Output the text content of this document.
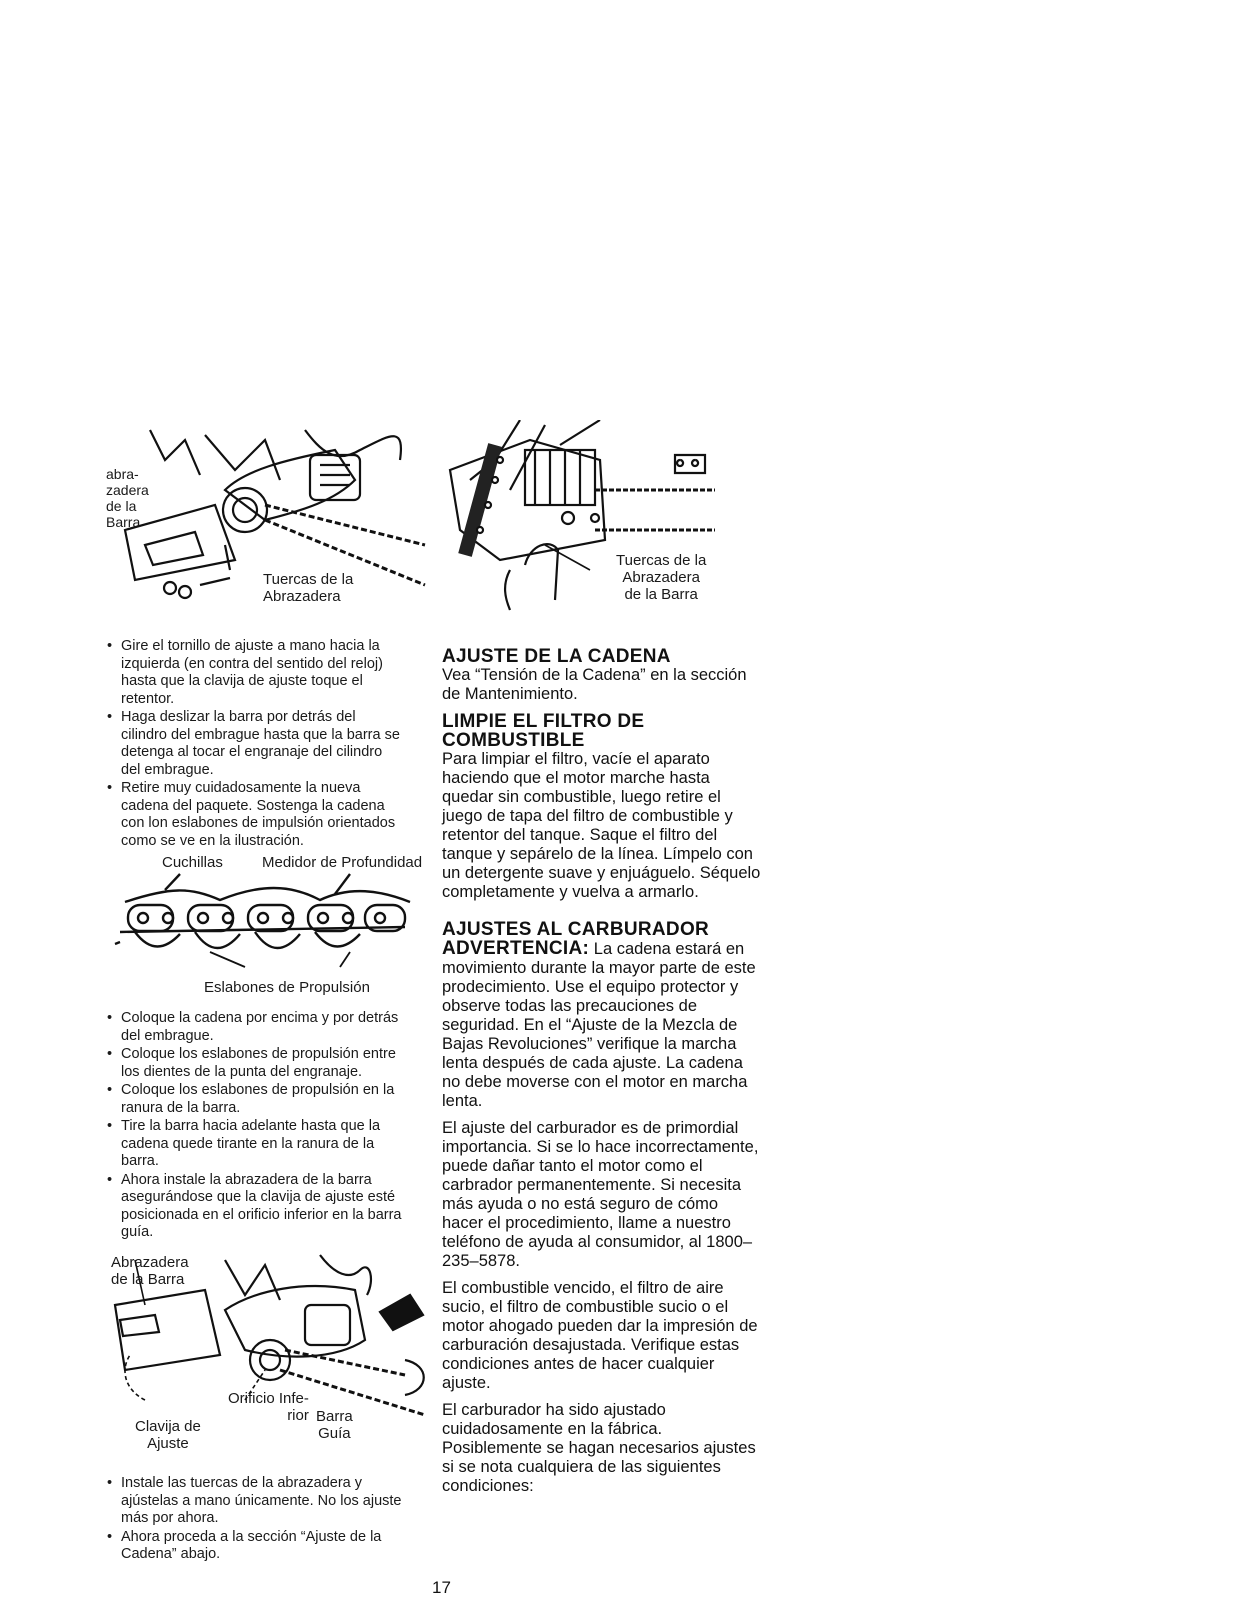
abra-
zadera
de la
Barra
Tuercas de la
Abrazadera
Tuercas de la
Abrazadera
de la Barra
• Gire el tornillo de ajuste a mano hacia la izquierda (en contra del sentido del reloj) hasta que la clavija de ajuste toque el retentor.
• Haga deslizar la barra por detrás del cilindro del embrague hasta que la barra se detenga al tocar el engranaje del cilindro del embrague.
• Retire muy cuidadosamente la nueva cadena del paquete. Sostenga la cadena con lon eslabones de impulsión orientados como se ve en la ilustración.
Cuchillas	Medidor de Profundidad
Eslabones de Propulsión
• Coloque la cadena por encima y por detrás del embrague.
• Coloque los eslabones de propulsión entre los dientes de la punta del engranaje.
• Coloque los eslabones de propulsión en la ranura de la barra.
• Tire la barra hacia adelante hasta que la cadena quede tirante en la ranura de la barra.
• Ahora instale la abrazadera de la barra asegurándose que la clavija de ajuste esté posicionada en el orificio inferior en la barra guía.
Abrazadera
de la Barra
Orificio Infe-
rior Barra
Guía
Clavija de
Ajuste
• Instale las tuercas de la abrazadera y ajústelas a mano únicamente. No los ajuste más por ahora.
• Ahora proceda a la sección “Ajuste de la Cadena” abajo.
AJUSTE DE LA CADENA

Vea “Tensión de la Cadena” en la sección de Mantenimiento.

LIMPIE EL FILTRO DE COMBUSTIBLE

Para limpiar el filtro, vacíe el aparato haciendo que el motor marche hasta quedar sin combustible, luego retire el juego de tapa del filtro de combustible y retentor del tanque. Saque el filtro del tanque y sepárelo de la línea. Límpelo con un detergente suave y enjuáguelo. Séquelo completamente y vuelva a armarlo.

AJUSTES AL CARBURADOR

ADVERTENCIA: La cadena estará en movimiento durante la mayor parte de este prodecimiento. Use el equipo protector y observe todas las precauciones de seguridad. En el “Ajuste de la Mezcla de Bajas Revoluciones” verifique la marcha lenta después de cada ajuste. La cadena no debe moverse con el motor en marcha lenta.

El ajuste del carburador es de primordial importancia. Si se lo hace incorrectamente, puede dañar tanto el motor como el carbrador permanentemente. Si necesita más ayuda o no está seguro de cómo hacer el procedimiento, llame a nuestro teléfono de ayuda al consumidor, al 1800–235–5878.

El combustible vencido, el filtro de aire sucio, el filtro de combustible sucio o el motor ahogado pueden dar la impresión de carburación desajustada. Verifique estas condiciones antes de hacer cualquier ajuste.

El carburador ha sido ajustado cuidadosamente en la fábrica. Posiblemente se hagan necesarios ajustes si se nota cualquiera de las siguientes condiciones:

17
